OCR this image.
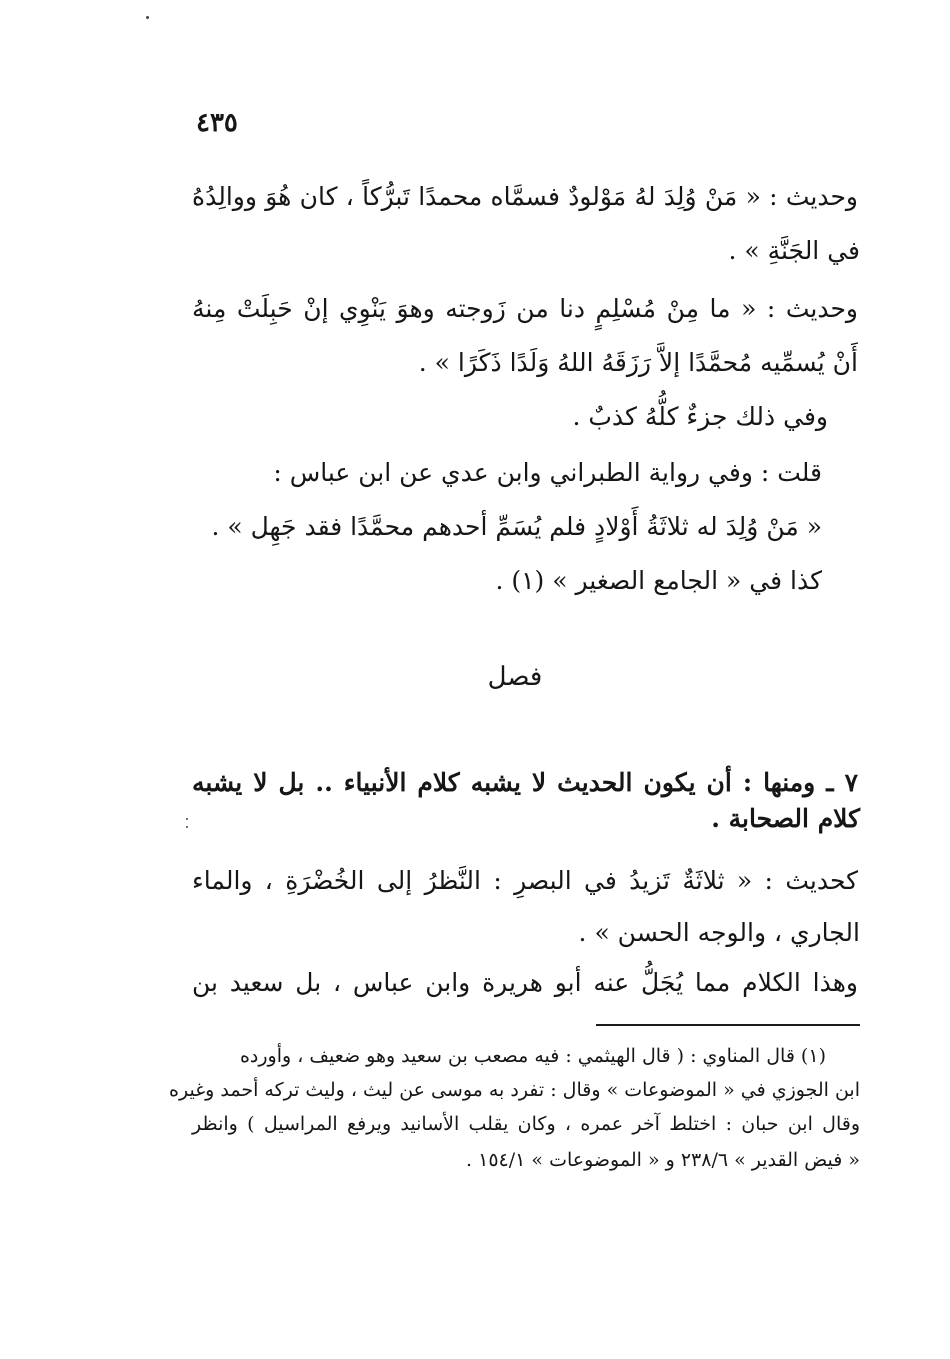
٤٣٥
وحديث : « مَنْ وُلِدَ لهُ مَوْلودٌ فسمَّاه محمدًا تَبرُّكاً ، كان هُوَ ووالِدُهُ
في الجَنَّةِ » .
وحديث : « ما مِنْ مُسْلِمٍ دنا من زَوجته وهوَ يَنْوِي إنْ حَبِلَتْ مِنهُ
أَنْ يُسمِّيه مُحمَّدًا إلاَّ رَزَقَهُ اللهُ وَلَدًا ذَكَرًا » .
وفي ذلك جزءٌ كلُّهُ كذبٌ .
قلت : وفي رواية الطبراني وابن عدي عن ابن عباس :
« مَنْ وُلِدَ له ثلاثَةُ أَوْلادٍ فلم يُسَمِّ أحدهم محمَّدًا فقد جَهِل » .
كذا في « الجامع الصغير » (١) .
فصل
٧ ـ ومنها : أن يكون الحديث لا يشبه كلام الأنبياء .. بل لا يشبه
كلام الصحابة .
كحديث : « ثلاثَةٌ تَزيدُ في البصرِ : النَّظرُ إلى الخُضْرَةِ ، والماء
الجاري ، والوجه الحسن » .
وهذا الكلام مما يُجَلُّ عنه أبو هريرة وابن عباس ، بل سعيد بن
(١) قال المناوي : ( قال الهيثمي : فيه مصعب بن سعيد وهو ضعيف ، وأورده
ابن الجوزي في « الموضوعات » وقال : تفرد به موسى عن ليث ، وليث تركه أحمد وغيره
وقال ابن حبان : اختلط آخر عمره ، وكان يقلب الأسانيد ويرفع المراسيل ) وانظر
« فيض القدير » ٢٣٨/٦ و « الموضوعات » ١٥٤/١ .
